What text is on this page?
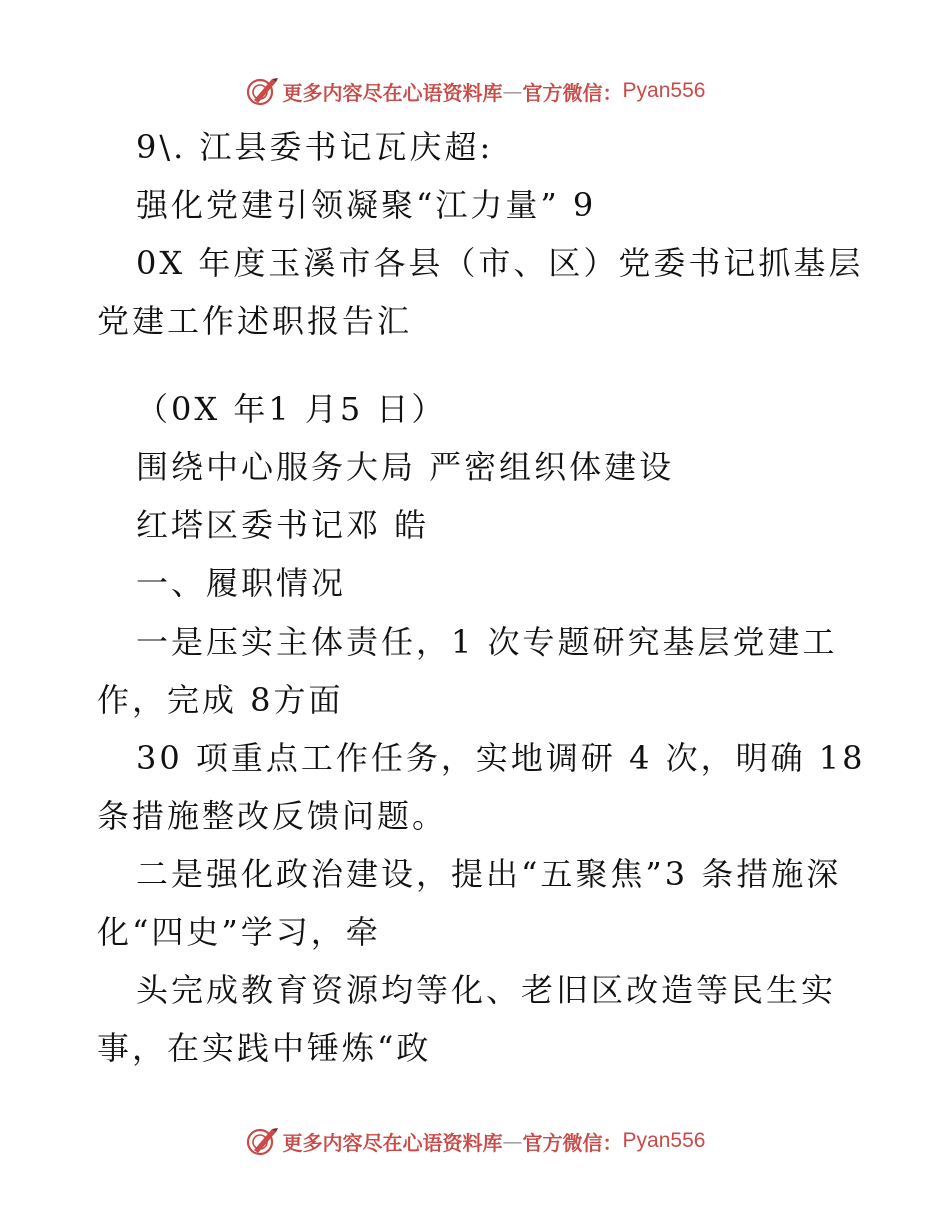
更多内容尽在心语资料库 — 官方微信： Pyan556
9\. 江县委书记瓦庆超:
强化党建引领凝聚“江力量” 9
0X 年度玉溪市各县（市、区）党委书记抓基层
党建工作述职报告汇
（0X 年1 月5 日）
围绕中心服务大局 严密组织体建设
红塔区委书记邓 皓
一、履职情况
一是压实主体责任，1 次专题研究基层党建工
作，完成 8方面
30 项重点工作任务，实地调研 4 次，明确 18
条措施整改反馈问题。
二是强化政治建设，提出“五聚焦”3 条措施深
化“四史”学习，牵
头完成教育资源均等化、老旧区改造等民生实
事，在实践中锤炼“政
更多内容尽在心语资料库 — 官方微信： Pyan556
